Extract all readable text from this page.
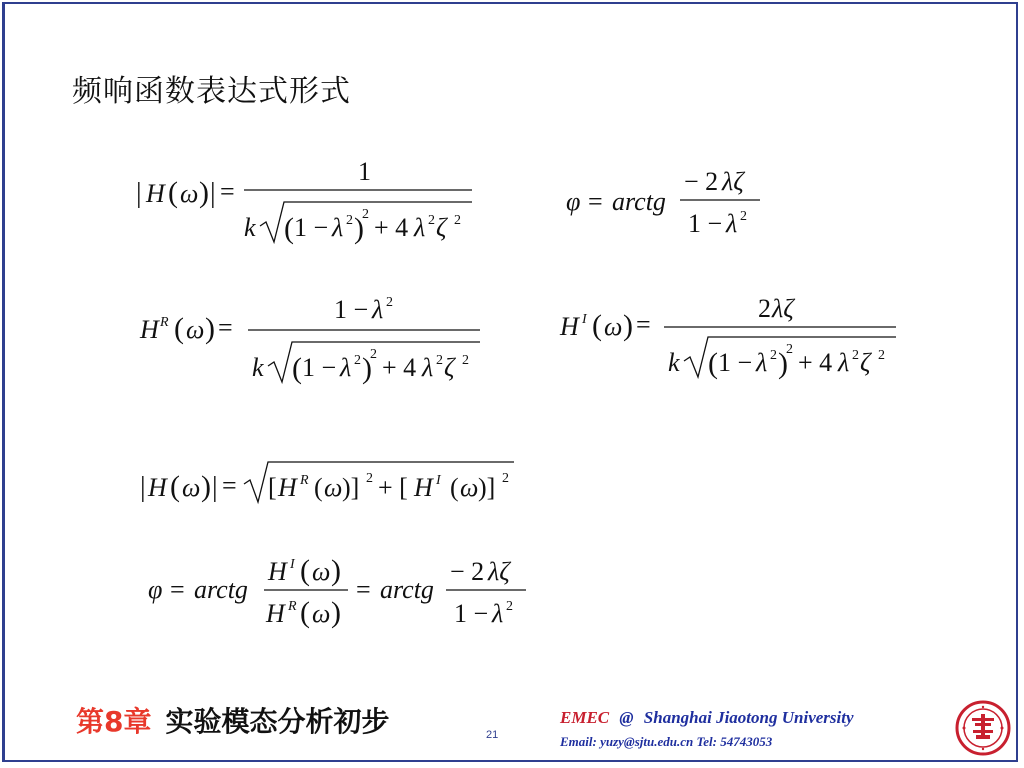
频响函数表达式形式
| H ( ω ) | =
1
k ( 1 − λ 2 )
2 + 4 λ 2 ζ 2
φ = arctg
− 2 λζ
1 − λ 2
H R ( ω ) =
1 − λ 2
k ( 1 − λ 2 )
2 + 4 λ 2 ζ 2
H I ( ω ) =
2 λζ
k ( 1 − λ 2 )
2 + 4 λ 2 ζ 2
| H ( ω ) | = [ H R ( ω )] 2 + [ H I ( ω )] 2
φ = arctg
H I ( ω )
H R ( ω )
= arctg
− 2 λζ
1 − λ 2
第8章 实验模态分析初步	21
EMEC @ Shanghai Jiaotong University
Email: yuzy@sjtu.edu.cn Tel: 54743053
